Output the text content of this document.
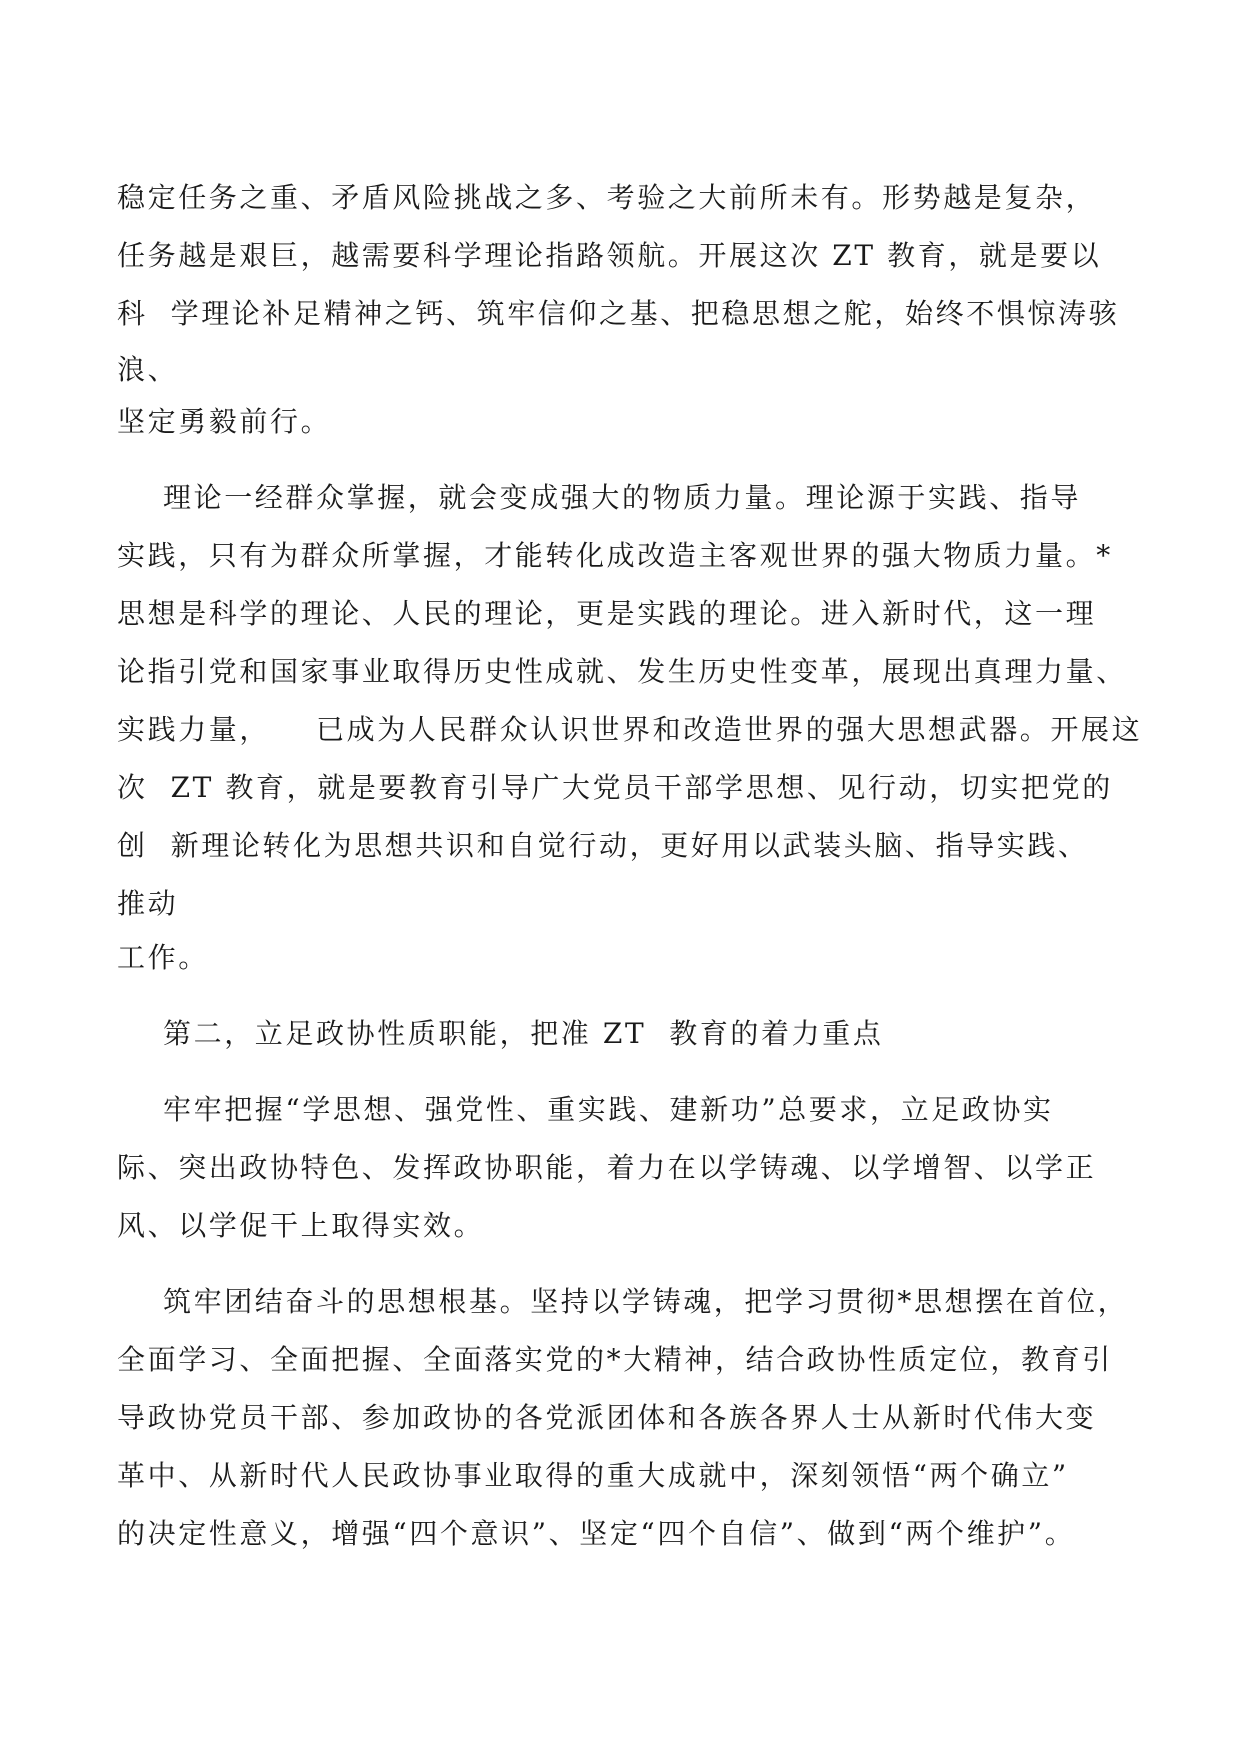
稳定任务之重、矛盾风险挑战之多、考验之大前所未有。形势越是复杂，
任务越是艰巨，越需要科学理论指路领航。开展这次 ZT 教育，就是要以
科  学理论补足精神之钙、筑牢信仰之基、把稳思想之舵，始终不惧惊涛骇
浪、
坚定勇毅前行。
理论一经群众掌握，就会变成强大的物质力量。理论源于实践、指导
实践，只有为群众所掌握，才能转化成改造主客观世界的强大物质力量。*
思想是科学的理论、人民的理论，更是实践的理论。进入新时代，这一理
论指引党和国家事业取得历史性成就、发生历史性变革，展现出真理力量、
实践力量，    已成为人民群众认识世界和改造世界的强大思想武器。开展这
次  ZT 教育，就是要教育引导广大党员干部学思想、见行动，切实把党的
创  新理论转化为思想共识和自觉行动，更好用以武装头脑、指导实践、
推动
工作。
第二，立足政协性质职能，把准 ZT  教育的着力重点
牢牢把握“学思想、强党性、重实践、建新功”总要求，立足政协实
际、突出政协特色、发挥政协职能，着力在以学铸魂、以学增智、以学正
风、以学促干上取得实效。
筑牢团结奋斗的思想根基。坚持以学铸魂，把学习贯彻*思想摆在首位，
全面学习、全面把握、全面落实党的*大精神，结合政协性质定位，教育引
导政协党员干部、参加政协的各党派团体和各族各界人士从新时代伟大变
革中、从新时代人民政协事业取得的重大成就中，深刻领悟“两个确立”
的决定性意义，增强“四个意识”、坚定“四个自信”、做到“两个维护”。
